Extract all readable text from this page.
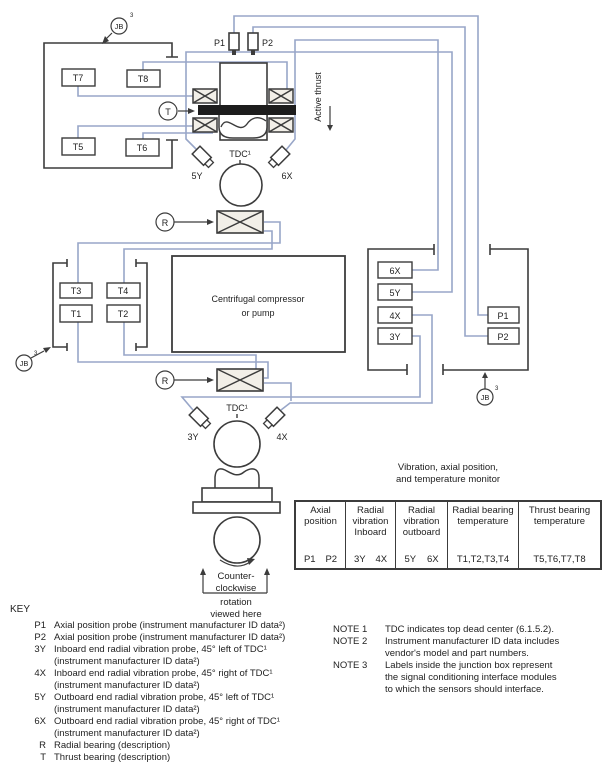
T7	T8
T5	T6
JB
3
P1	P2
T	Active thrust
TDC¹
5Y	6X
R
Centrifugal compressor
or pump
T3	T4
T1	T2
JB
3
R
6X
5Y
4X
3Y
P1
P2
JB
3
TDC¹
3Y	4X
Counter-
clockwise
rotation
viewed here
Vibration, axial position,
and temperature monitor
Axial position
P1 P2
Radial vibration Inboard
3Y 4X
Radial vibration outboard
5Y 6X
Radial bearing temperature
T1,T2,T3,T4
Thrust bearing temperature
T5,T6,T7,T8
KEY
P1 Axial position probe (instrument manufacturer ID data²)
P2 Axial position probe (instrument manufacturer ID data²)
3Y Inboard end radial vibration probe, 45° left of TDC¹
(instrument manufacturer ID data²)
4X Inboard end radial vibration probe, 45° right of TDC¹
(instrument manufacturer ID data²)
5Y Outboard end radial vibration probe, 45° left of TDC¹
(instrument manufacturer ID data²)
6X Outboard end radial vibration probe, 45° right of TDC¹
(instrument manufacturer ID data²)
R Radial bearing (description)
T Thrust bearing (description)
NOTE 1	TDC indicates top dead center (6.1.5.2).
NOTE 2	Instrument manufacturer ID data includes
vendor's model and part numbers.
NOTE 3	Labels inside the junction box represent
the signal conditioning interface modules
to which the sensors should interface.
